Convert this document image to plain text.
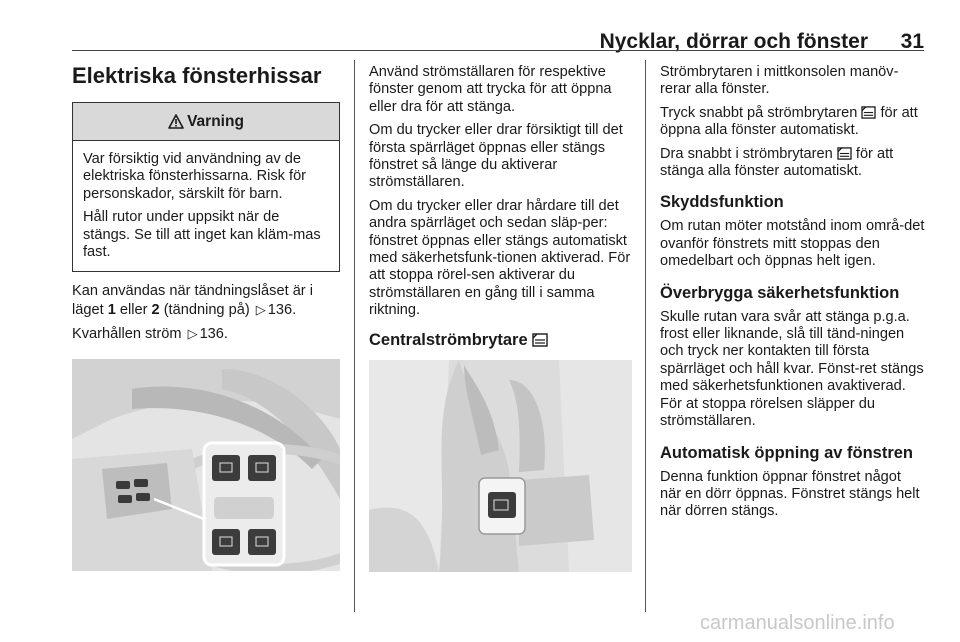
Nycklar, dörrar och fönster	31
Elektriska fönsterhissar
Varning

Var försiktig vid användning av de elektriska fönsterhissarna. Risk för personskador, särskilt för barn.

Håll rutor under uppsikt när de stängs. Se till att inget kan kläm-mas fast.

Kan användas när tändningslåset är i läget 1 eller 2 (tändning på) ▷ 136.

Kvarhållen ström ▷ 136.

Använd strömställaren för respektive fönster genom att trycka för att öppna eller dra för att stänga.

Om du trycker eller drar försiktigt till det första spärrläget öppnas eller stängs fönstret så länge du aktiverar strömställaren.

Om du trycker eller drar hårdare till det andra spärrläget och sedan släp-per: fönstret öppnas eller stängs automatiskt med säkerhetsfunk-tionen aktiverad. För att stoppa rörel-sen aktiverar du strömställaren en gång till i samma riktning.

Centralströmbrytare

Strömbrytaren i mittkonsolen manöv-rerar alla fönster.

Tryck snabbt på strömbrytaren för att öppna alla fönster automatiskt.

Dra snabbt i strömbrytaren för att stänga alla fönster automatiskt.

Skyddsfunktion

Om rutan möter motstånd inom områ-det ovanför fönstrets mitt stoppas den omedelbart och öppnas helt igen.

Överbrygga säkerhetsfunktion

Skulle rutan vara svår att stänga p.g.a. frost eller liknande, slå till tänd-ningen och tryck ner kontakten till första spärrläget och håll kvar. Fönst-ret stängs med säkerhetsfunktionen avaktiverad. För at stoppa rörelsen släpper du strömställaren.

Automatisk öppning av fönstren

Denna funktion öppnar fönstret något när en dörr öppnas. Fönstret stängs helt när dörren stängs.

carmanualsonline.info
